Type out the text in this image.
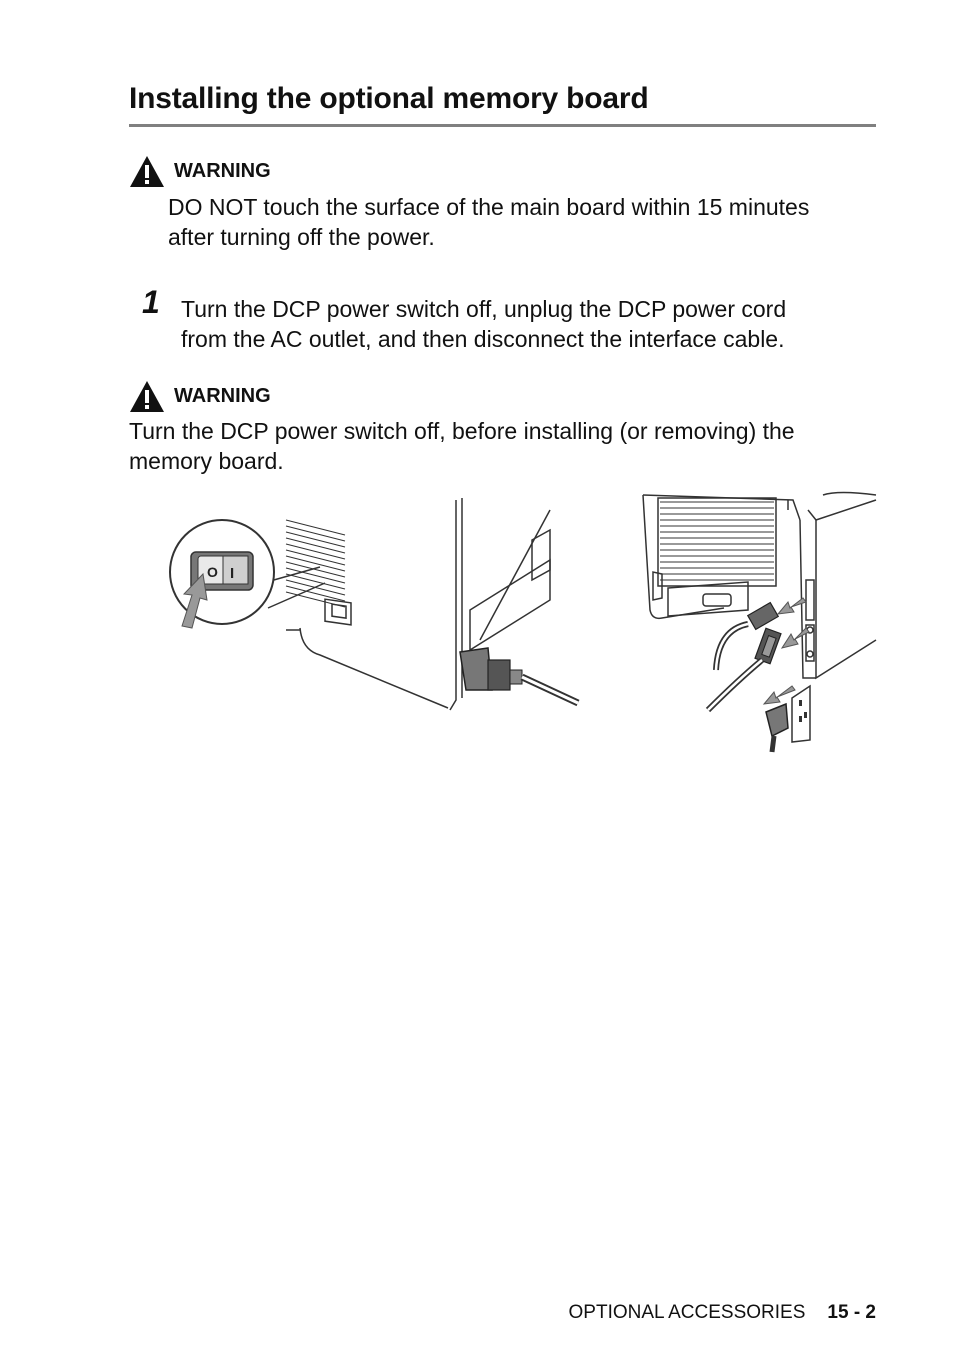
Installing the optional memory board
WARNING

DO NOT touch the surface of the main board within 15 minutes
after turning off the power.

1 Turn the DCP power switch off, unplug the DCP power cord
from the AC outlet, and then disconnect the interface cable.

WARNING

Turn the DCP power switch off, before installing (or removing) the
memory board.

O I
OPTIONAL ACCESSORIES 15 - 2
